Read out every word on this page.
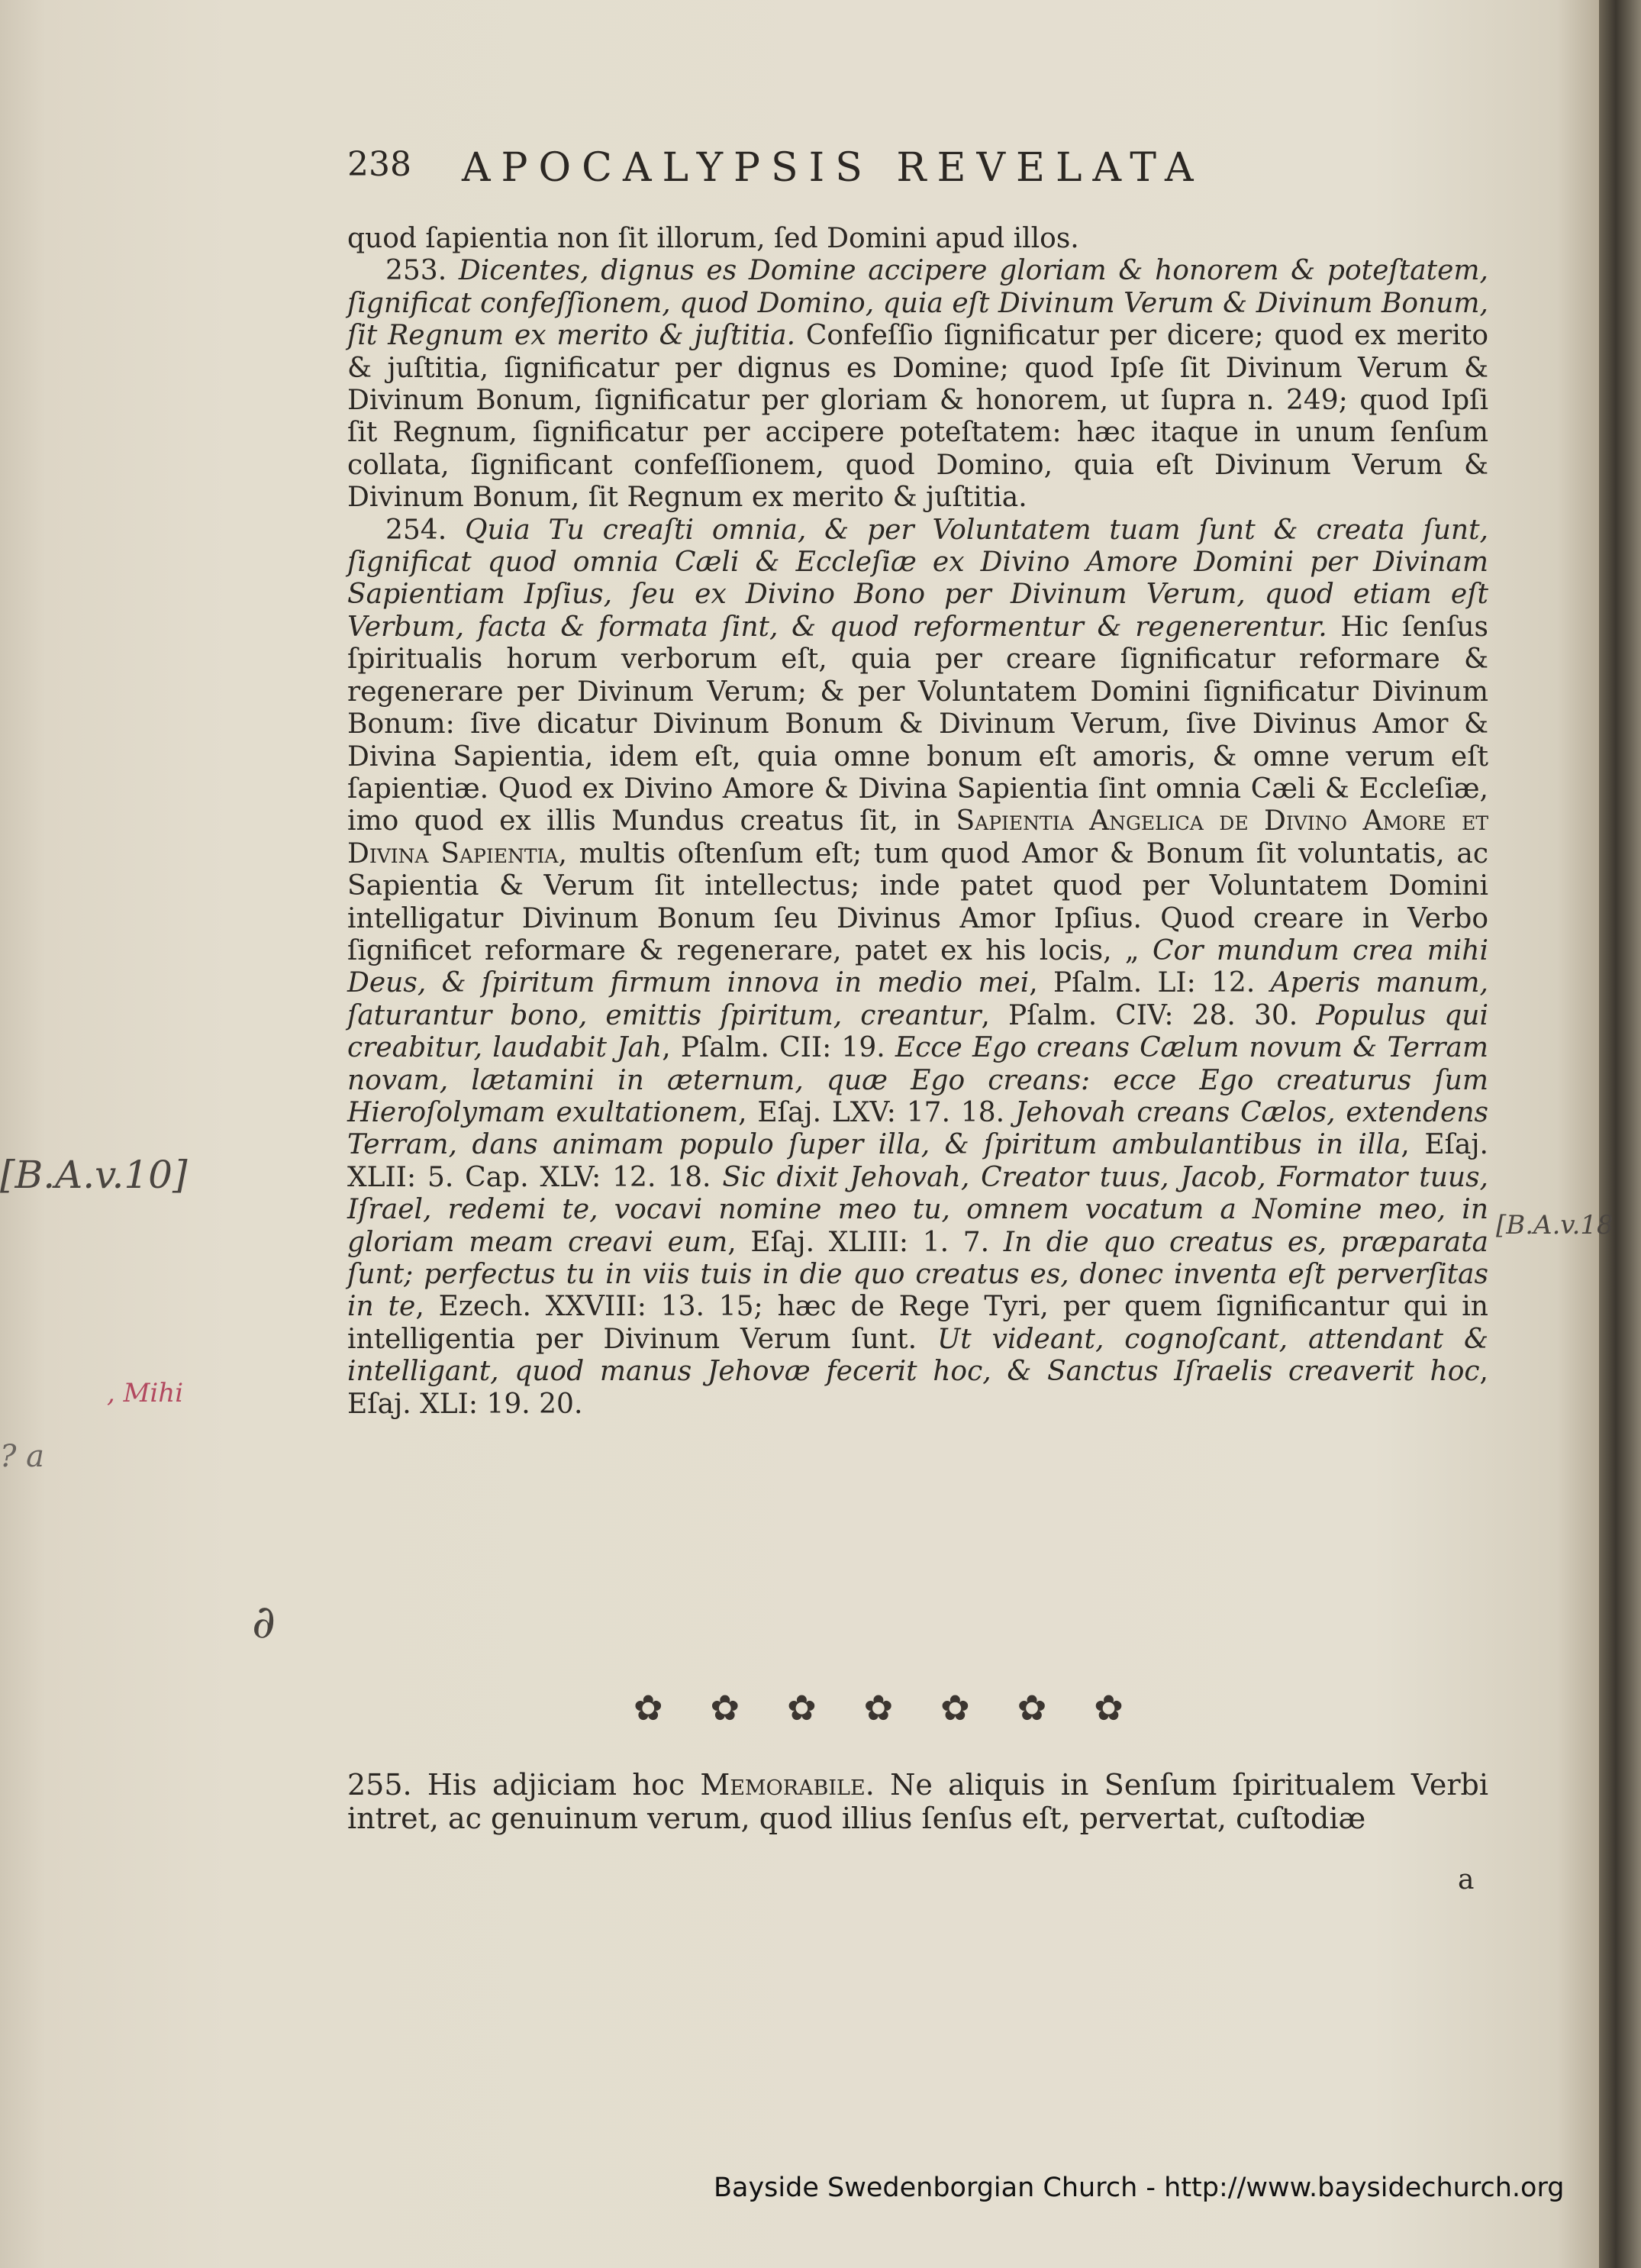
238 APOCALYPSIS REVELATA

quod ſapientia non ſit illorum, ſed Domini apud illos.

253. Dicentes, dignus es Domine accipere gloriam & honorem & poteſtatem, ſignificat confeſſionem, quod Domino, quia eſt Divinum Verum & Divinum Bonum, ſit Regnum ex merito & juſtitia. Confeſſio ſignificatur per dicere; quod ex merito & juſtitia, ſignificatur per dignus es Domine; quod Ipſe ſit Divinum Verum & Divinum Bonum, ſignificatur per gloriam & honorem, ut ſupra n. 249; quod Ipſi ſit Regnum, ſignificatur per accipere poteſtatem: hæc itaque in unum ſenſum collata, ſignificant confeſſionem, quod Domino, quia eſt Divinum Verum & Divinum Bonum, ſit Regnum ex merito & juſtitia.

254. Quia Tu creaſti omnia, & per Voluntatem tuam ſunt & creata ſunt, ſignificat quod omnia Cæli & Eccleſiæ ex Divino Amore Domini per Divinam Sapientiam Ipſius, ſeu ex Divino Bono per Divinum Verum, quod etiam eſt Verbum, facta & formata ſint, & quod reformentur & regenerentur. Hic ſenſus ſpiritualis horum verborum eſt, quia per creare ſignificatur reformare & regenerare per Divinum Verum; & per Voluntatem Domini ſignificatur Divinum Bonum: ſive dicatur Divinum Bonum & Divinum Verum, ſive Divinus Amor & Divina Sapientia, idem eſt, quia omne bonum eſt amoris, & omne verum eſt ſapientiæ. Quod ex Divino Amore & Divina Sapientia ſint omnia Cæli & Eccleſiæ, imo quod ex illis Mundus creatus ſit, in Sapientia Angelica de Divino Amore et Divina Sapientia, multis oſtenſum eſt; tum quod Amor & Bonum ſit voluntatis, ac Sapientia & Verum ſit intellectus; inde patet quod per Voluntatem Domini intelligatur Divinum Bonum ſeu Divinus Amor Ipſius. Quod creare in Verbo ſignificet reformare & regenerare, patet ex his locis, „ Cor mundum crea mihi Deus, & ſpiritum firmum innova in medio mei, Pſalm. LI: 12. Aperis manum, ſaturantur bono, emittis ſpiritum, creantur, Pſalm. CIV: 28. 30. Populus qui creabitur, laudabit Jah, Pſalm. CII: 19. Ecce Ego creans Cælum novum & Terram novam, lætamini in æternum, quæ Ego creans: ecce Ego creaturus ſum Hieroſolymam exultationem, Eſaj. LXV: 17. 18. Jehovah creans Cælos, extendens Terram, dans animam populo ſuper illa, & ſpiritum ambulantibus in illa, Eſaj. XLII: 5. Cap. XLV: 12. 18. Sic dixit Jehovah, Creator tuus, Jacob, Formator tuus, Iſrael, redemi te, vocavi nomine meo tu, omnem vocatum a Nomine meo, in gloriam meam creavi eum, Eſaj. XLIII: 1. 7. In die quo creatus es, præparata ſunt; perfectus tu in viis tuis in die quo creatus es, donec inventa eſt perverſitas in te, Ezech. XXVIII: 13. 15; hæc de Rege Tyri, per quem ſignificantur qui in intelligentia per Divinum Verum ſunt. Ut videant, cognoſcant, attendant & intelligant, quod manus Jehovæ fecerit hoc, & Sanctus Iſraelis creaverit hoc, Eſaj. XLI: 19. 20.

✿✿✿✿✿✿✿

255. His adjiciam hoc Memorabile. Ne aliquis in Senſum ſpiritualem Verbi intret, ac genuinum verum, quod illius ſenſus eſt, pervertat, cuſtodiæ

a
[B.A.v.10]
[B.A.v.18
, Mihi
? a
∂
Bayside Swedenborgian Church - http://www.baysidechurch.org
